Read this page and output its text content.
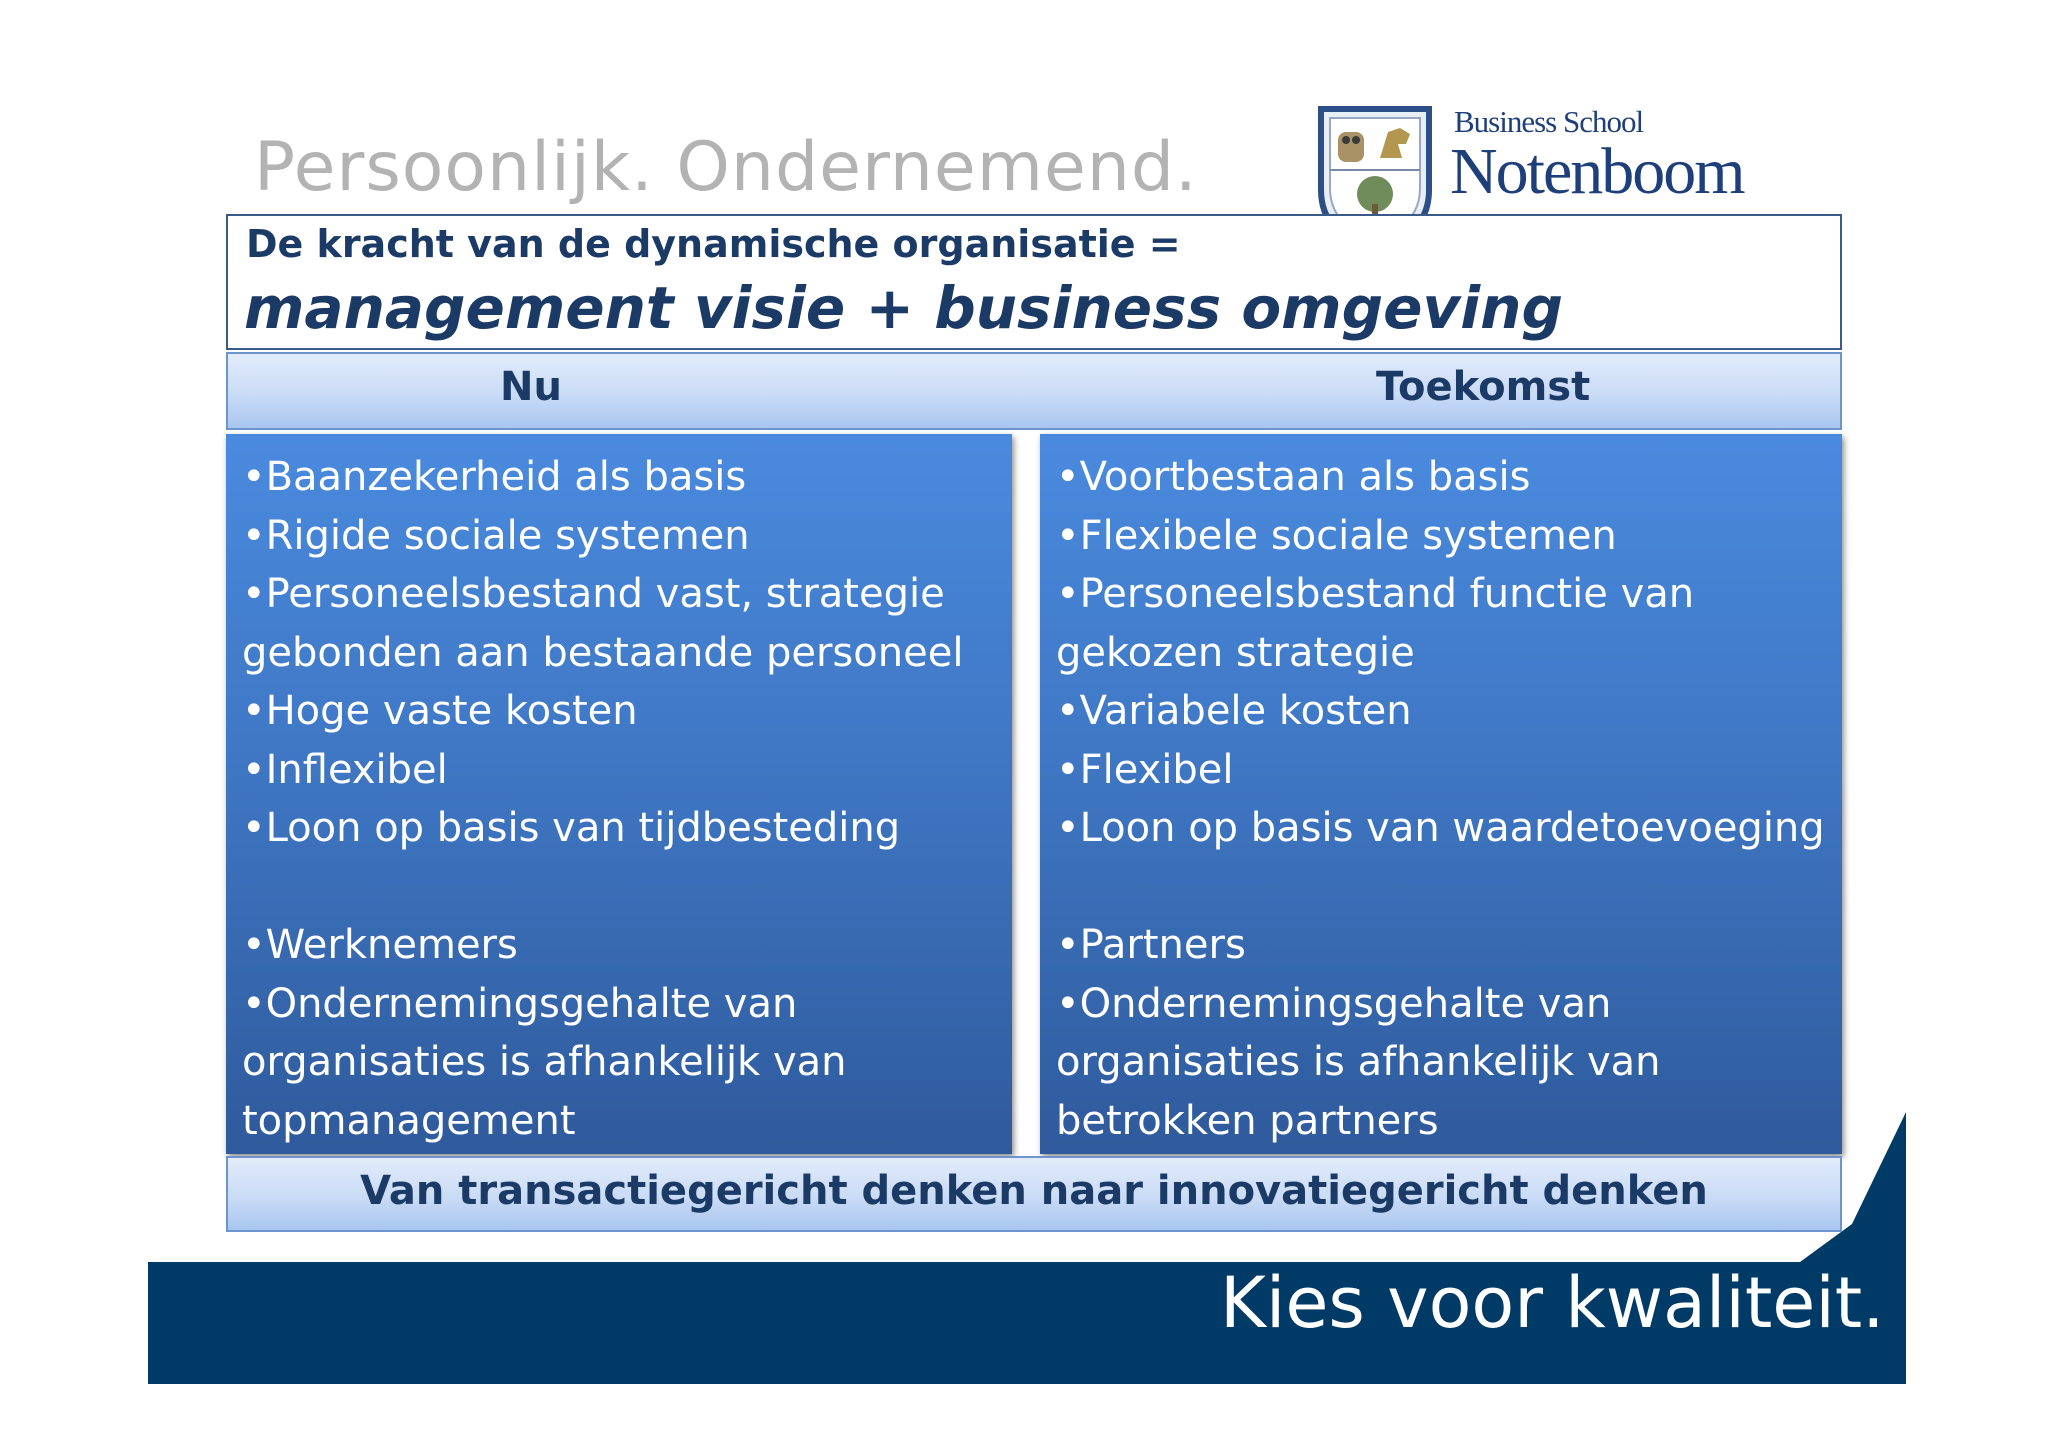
Persoonlijk. Ondernemend.
Business School
Notenboom
De kracht van de dynamische organisatie =
management visie + business omgeving
Nu	Toekomst
•Baanzekerheid als basis
•Rigide sociale systemen
•Personeelsbestand vast, strategie
gebonden aan bestaande personeel
•Hoge vaste kosten
•Inflexibel
•Loon op basis van tijdbesteding
•Werknemers
•Ondernemingsgehalte van
organisaties is afhankelijk van
topmanagement
•Voortbestaan als basis
•Flexibele sociale systemen
•Personeelsbestand functie van
gekozen strategie
•Variabele kosten
•Flexibel
•Loon op basis van waardetoevoeging
•Partners
•Ondernemingsgehalte van
organisaties is afhankelijk van
betrokken partners
Van transactiegericht denken naar innovatiegericht denken
Kies voor kwaliteit.
